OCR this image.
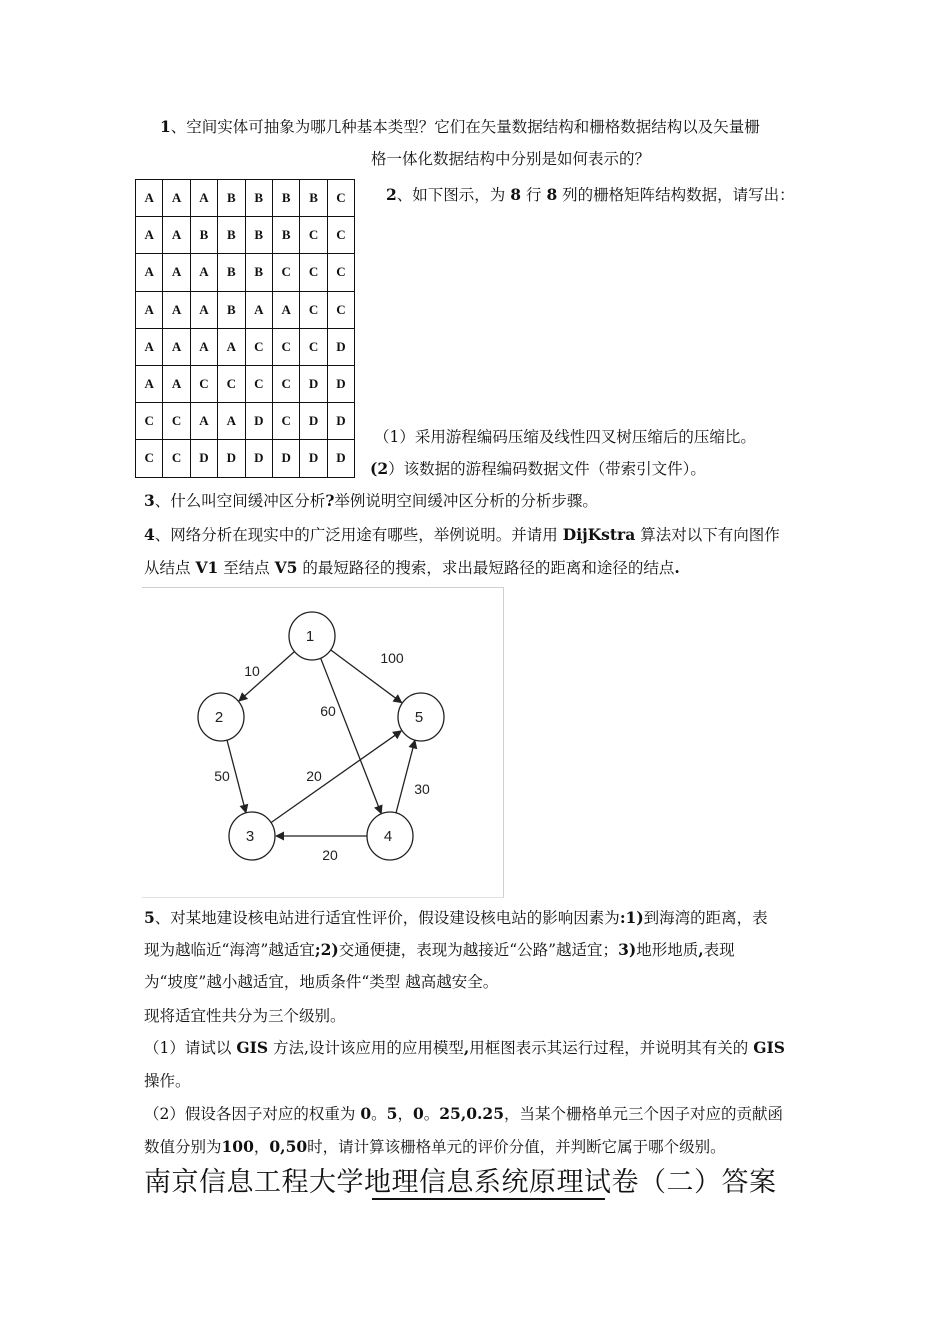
1、空间实体可抽象为哪几种基本类型？它们在矢量数据结构和栅格数据结构以及矢量栅
格一体化数据结构中分别是如何表示的？
2、如下图示，为 8 行 8 列的栅格矩阵结构数据，请写出：
A	A	A	B	B	B	B	C
A	A	B	B	B	B	C	C
A	A	A	B	B	C	C	C
A	A	A	B	A	A	C	C
A	A	A	A	C	C	C	D
A	A	C	C	C	C	D	D
C	C	A	A	D	C	D	D
C	C	D	D	D	D	D	D
（1）采用游程编码压缩及线性四叉树压缩后的压缩比。
(2）该数据的游程编码数据文件（带索引文件）。
3、什么叫空间缓冲区分析?举例说明空间缓冲区分析的分析步骤。
4、网络分析在现实中的广泛用途有哪些，举例说明。并请用 DijKstra 算法对以下有向图作
从结点 V1 至结点 V5 的最短路径的搜索，求出最短路径的距离和途径的结点.
1
2
3	4
5
10
100
60
50	20
30
20
5、对某地建设核电站进行适宜性评价，假设建设核电站的影响因素为:1)到海湾的距离，表
现为越临近“海湾”越适宜;2)交通便捷，表现为越接近“公路”越适宜；3)地形地质,表现
为“坡度”越小越适宜，地质条件“类型 越高越安全。
现将适宜性共分为三个级别。
（1）请试以 GIS 方法,设计该应用的应用模型,用框图表示其运行过程，并说明其有关的 GIS
操作。
（2）假设各因子对应的权重为 0。5，0。25,0.25，当某个栅格单元三个因子对应的贡献函
数值分别为100，0,50时，请计算该栅格单元的评价分值，并判断它属于哪个级别。
南京信息工程大学地理信息系统原理试卷（二）答案
